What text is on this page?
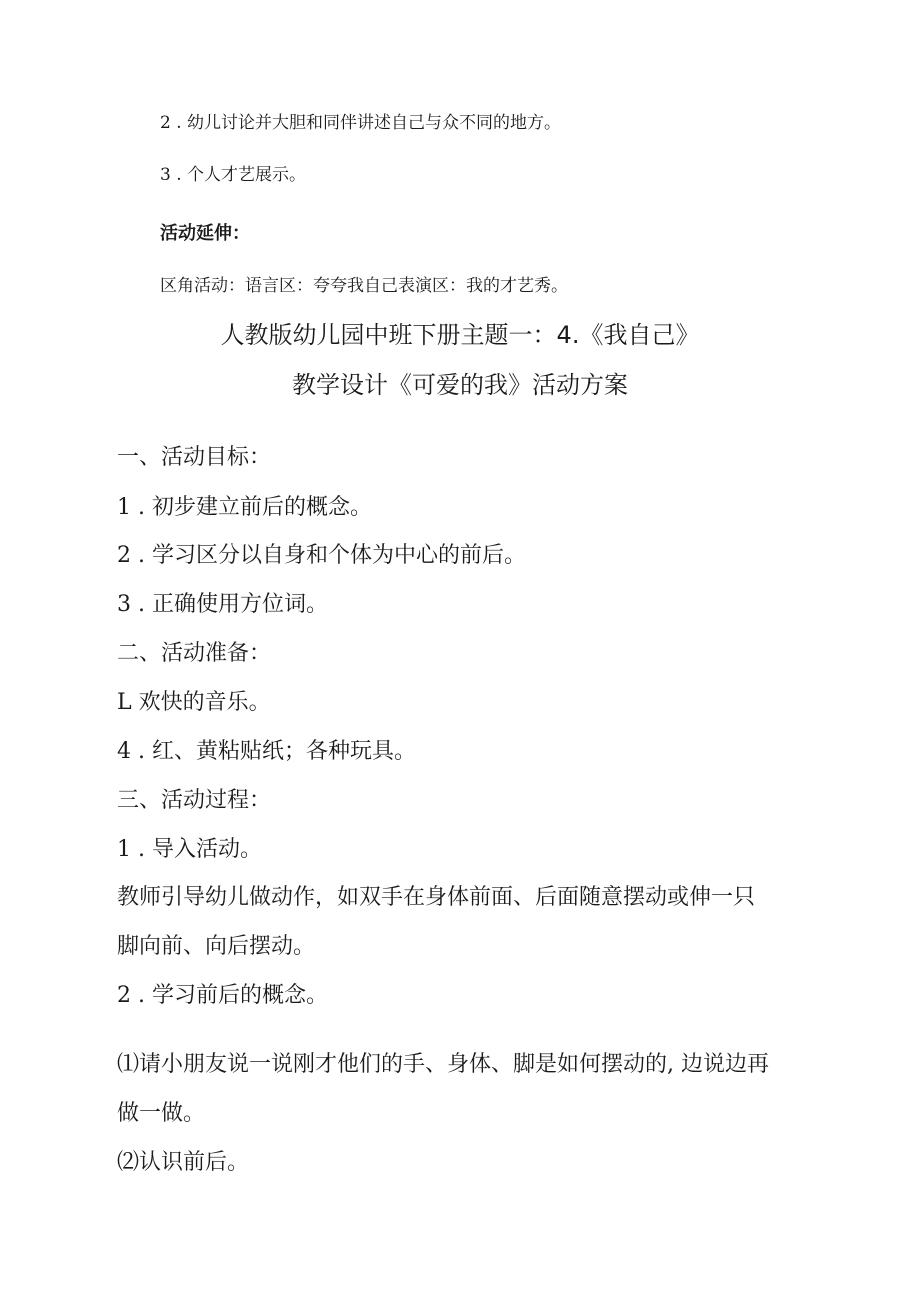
2 . 幼儿讨论并大胆和同伴讲述自己与众不同的地方。
3 . 个人才艺展示。
活动延伸：
区角活动：语言区：夸夸我自己表演区：我的才艺秀。
人教版幼儿园中班下册主题一：4.《我自己》
教学设计《可爱的我》活动方案
一、活动目标：
1 . 初步建立前后的概念。
2 . 学习区分以自身和个体为中心的前后。
3 . 正确使用方位词。
二、活动准备：
L 欢快的音乐。
4 . 红、黄粘贴纸；各种玩具。
三、活动过程：
1 . 导入活动。
教师引导幼儿做动作，如双手在身体前面、后面随意摆动或伸一只
脚向前、向后摆动。
2 . 学习前后的概念。
⑴请小朋友说一说刚才他们的手、身体、脚是如何摆动的, 边说边再
做一做。
⑵认识前后。
